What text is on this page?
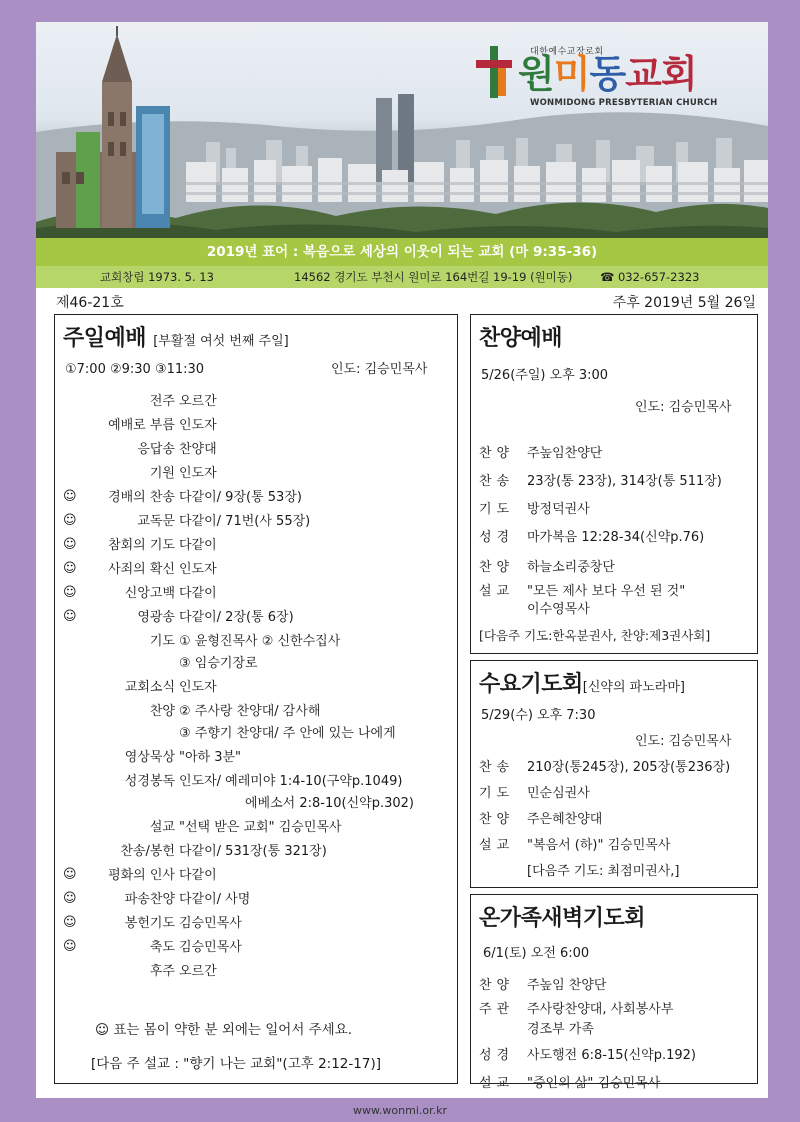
대한예수교장로회
원미동교회
WONMIDONG PRESBYTERIAN CHURCH
2019년 표어 : 복음으로 세상의 이웃이 되는 교회 (마 9:35-36)
교회창립 1973. 5. 13	14562 경기도 부천시 원미로 164번길 19-19 (원미동) ☎ 032-657-2323
제46-21호	주후 2019년 5월 26일
주일예배 [부활절 여섯 번째 주일]
①7:00 ②9:30 ③11:30	인도: 김승민목사
전주 오르간
예배로 부름 인도자
응답송 찬양대
기원 인도자
☺	경배의 찬송 다같이/ 9장(통 53장)
☺	교독문 다같이/ 71번(사 55장)
☺	참회의 기도 다같이
☺	사죄의 확신 인도자
☺	신앙고백 다같이
☺	영광송 다같이/ 2장(통 6장)
기도 ① 윤형진목사 ② 신한수집사
③ 임승기장로
교회소식 인도자
찬양 ② 주사랑 찬양대/ 감사해
③ 주향기 찬양대/ 주 안에 있는 나에게
영상묵상 "아하 3분"
성경봉독 인도자/ 예레미야 1:4-10(구약p.1049)
에베소서 2:8-10(신약p.302)
설교 "선택 받은 교회" 김승민목사
찬송/봉헌 다같이/ 531장(통 321장)
☺	평화의 인사 다같이
☺	파송찬양 다같이/ 사명
☺	봉헌기도 김승민목사
☺	축도 김승민목사
후주 오르간
☺ 표는 몸이 약한 분 외에는 일어서 주세요.
[다음 주 설교 : "향기 나는 교회"(고후 2:12-17)]
찬양예배
5/26(주일) 오후 3:00
인도: 김승민목사
찬양 주높임찬양단
찬송 23장(통 23장), 314장(통 511장)
기도 방정덕권사
성경 마가복음 12:28-34(신약p.76)
찬양 하늘소리중창단
설교 "모든 제사 보다 우선 된 것"
이수영목사
[다음주 기도:한옥분권사, 찬양:제3권사회]
수요기도회[신약의 파노라마]
5/29(수) 오후 7:30
인도: 김승민목사
찬송 210장(통245장), 205장(통236장)
기도 민순심권사
찬양 주은혜찬양대
설교 "복음서 (하)" 김승민목사
[다음주 기도: 최점미권사,]
온가족새벽기도회
6/1(토) 오전 6:00
찬양 주높임 찬양단
주관 주사랑찬양대, 사회봉사부
경조부 가족
성경 사도행전 6:8-15(신약p.192)
설교 "증인의 삶" 김승민목사
www.wonmi.or.kr
